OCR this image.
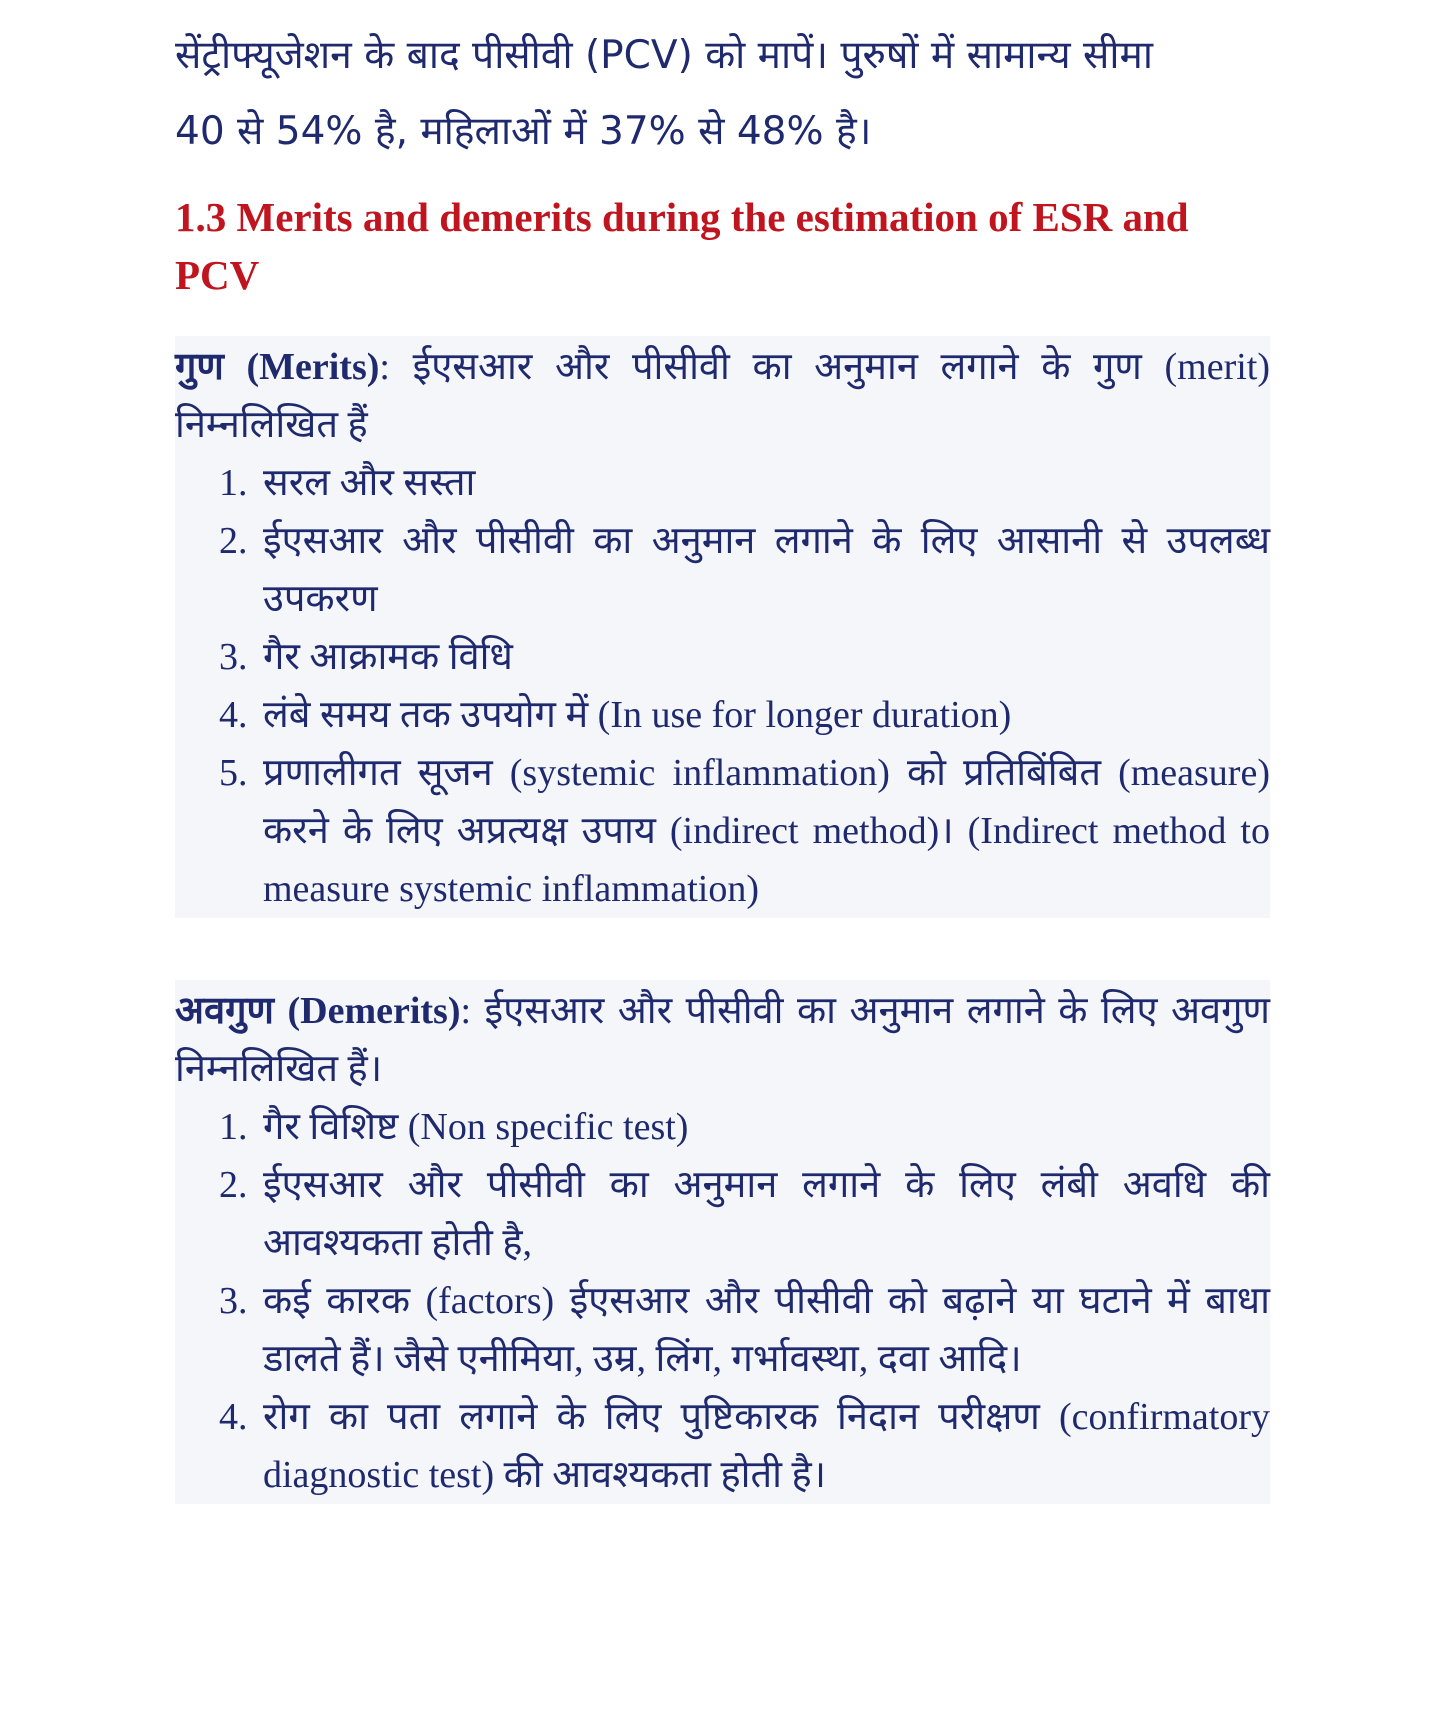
सेंट्रीफ्यूजेशन के बाद पीसीवी (PCV) को मापें। पुरुषों में सामान्य सीमा
40 से 54% है, महिलाओं में 37% से 48% है।

1.3 Merits and demerits during the estimation of ESR and PCV

गुण (Merits): ईएसआर और पीसीवी का अनुमान लगाने के गुण (merit) निम्नलिखित हैं

1. सरल और सस्ता
2. ईएसआर और पीसीवी का अनुमान लगाने के लिए आसानी से उपलब्ध उपकरण
3. गैर आक्रामक विधि
4. लंबे समय तक उपयोग में (In use for longer duration)
5. प्रणालीगत सूजन (systemic inflammation) को प्रतिबिंबित (measure) करने के लिए अप्रत्यक्ष उपाय (indirect method)। (Indirect method to measure systemic inflammation)

अवगुण (Demerits): ईएसआर और पीसीवी का अनुमान लगाने के लिए अवगुण निम्नलिखित हैं।

1. गैर विशिष्ट (Non specific test)
2. ईएसआर और पीसीवी का अनुमान लगाने के लिए लंबी अवधि की आवश्यकता होती है,
3. कई कारक (factors) ईएसआर और पीसीवी को बढ़ाने या घटाने में बाधा डालते हैं। जैसे एनीमिया, उम्र, लिंग, गर्भावस्था, दवा आदि।
4. रोग का पता लगाने के लिए पुष्टिकारक निदान परीक्षण (confirmatory diagnostic test) की आवश्यकता होती है।
